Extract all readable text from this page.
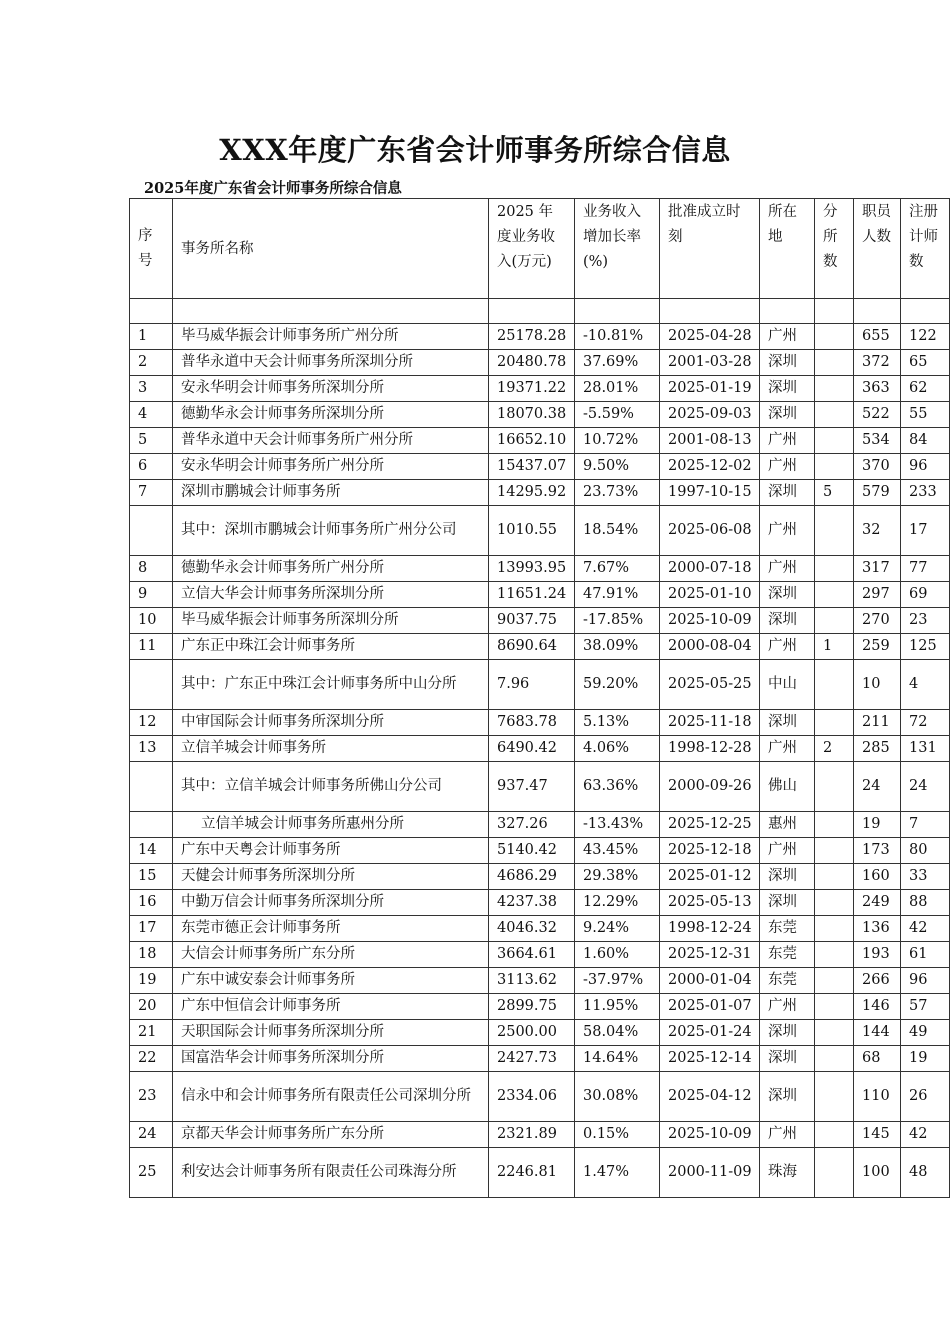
XXX年度广东省会计师事务所综合信息
2025年度广东省会计师事务所综合信息
序号	事务所名称	2025 年度业务收入(万元)	业务收入增加长率(%)	批准成立时刻	所在地	分所数	职员人数	注册计师数

1	毕马威华振会计师事务所广州分所	25178.28	-10.81%	2025-04-28	广州		655	122
2	普华永道中天会计师事务所深圳分所	20480.78	37.69%	2001-03-28	深圳		372	65
3	安永华明会计师事务所深圳分所	19371.22	28.01%	2025-01-19	深圳		363	62
4	德勤华永会计师事务所深圳分所	18070.38	-5.59%	2025-09-03	深圳		522	55
5	普华永道中天会计师事务所广州分所	16652.10	10.72%	2001-08-13	广州		534	84
6	安永华明会计师事务所广州分所	15437.07	9.50%	2025-12-02	广州		370	96
7	深圳市鹏城会计师事务所	14295.92	23.73%	1997-10-15	深圳	5	579	233
	其中：深圳市鹏城会计师事务所广州分公司	1010.55	18.54%	2025-06-08	广州		32	17
8	德勤华永会计师事务所广州分所	13993.95	7.67%	2000-07-18	广州		317	77
9	立信大华会计师事务所深圳分所	11651.24	47.91%	2025-01-10	深圳		297	69
10	毕马威华振会计师事务所深圳分所	9037.75	-17.85%	2025-10-09	深圳		270	23
11	广东正中珠江会计师事务所	8690.64	38.09%	2000-08-04	广州	1	259	125
	其中：广东正中珠江会计师事务所中山分所	7.96	59.20%	2025-05-25	中山		10	4
12	中审国际会计师事务所深圳分所	7683.78	5.13%	2025-11-18	深圳		211	72
13	立信羊城会计师事务所	6490.42	4.06%	1998-12-28	广州	2	285	131
	其中：立信羊城会计师事务所佛山分公司	937.47	63.36%	2000-09-26	佛山		24	24
	立信羊城会计师事务所惠州分所	327.26	-13.43%	2025-12-25	惠州		19	7
14	广东中天粤会计师事务所	5140.42	43.45%	2025-12-18	广州		173	80
15	天健会计师事务所深圳分所	4686.29	29.38%	2025-01-12	深圳		160	33
16	中勤万信会计师事务所深圳分所	4237.38	12.29%	2025-05-13	深圳		249	88
17	东莞市德正会计师事务所	4046.32	9.24%	1998-12-24	东莞		136	42
18	大信会计师事务所广东分所	3664.61	1.60%	2025-12-31	东莞		193	61
19	广东中诚安泰会计师事务所	3113.62	-37.97%	2000-01-04	东莞		266	96
20	广东中恒信会计师事务所	2899.75	11.95%	2025-01-07	广州		146	57
21	天职国际会计师事务所深圳分所	2500.00	58.04%	2025-01-24	深圳		144	49
22	国富浩华会计师事务所深圳分所	2427.73	14.64%	2025-12-14	深圳		68	19
23	信永中和会计师事务所有限责任公司深圳分所	2334.06	30.08%	2025-04-12	深圳		110	26
24	京都天华会计师事务所广东分所	2321.89	0.15%	2025-10-09	广州		145	42
25	利安达会计师事务所有限责任公司珠海分所	2246.81	1.47%	2000-11-09	珠海		100	48
